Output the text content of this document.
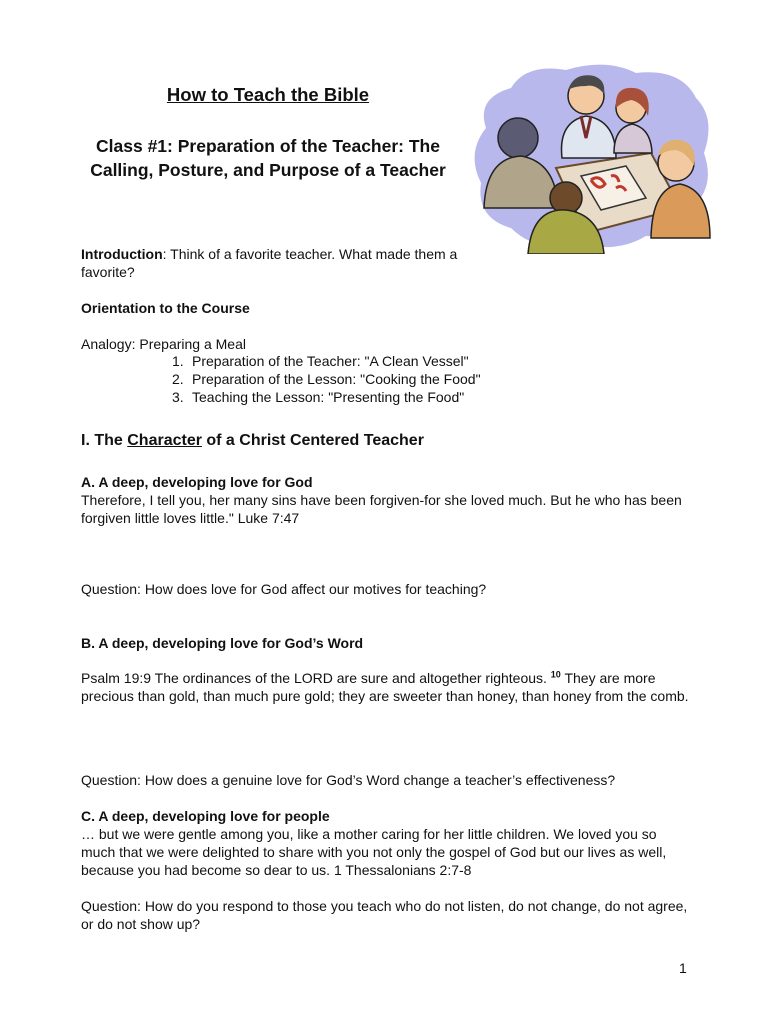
How to Teach the Bible
Class #1: Preparation of the Teacher: The Calling, Posture, and Purpose of a Teacher
Introduction: Think of a favorite teacher. What made them a favorite?
Orientation to the Course
Analogy: Preparing a Meal
1. Preparation of the Teacher: "A Clean Vessel"
2. Preparation of the Lesson: "Cooking the Food"
3. Teaching the Lesson: "Presenting the Food"
I. The Character of a Christ Centered Teacher
A. A deep, developing love for God
Therefore, I tell you, her many sins have been forgiven-for she loved much. But he who has been forgiven little loves little." Luke 7:47
Question: How does love for God affect our motives for teaching?
B. A deep, developing love for God’s Word
Psalm 19:9 The ordinances of the LORD are sure and altogether righteous. $^{10}$ They are more precious than gold, than much pure gold; they are sweeter than honey, than honey from the comb.
Question: How does a genuine love for God’s Word change a teacher’s effectiveness?
C. A deep, developing love for people
… but we were gentle among you, like a mother caring for her little children. We loved you so much that we were delighted to share with you not only the gospel of God but our lives as well, because you had become so dear to us. 1 Thessalonians 2:7-8
Question: How do you respond to those you teach who do not listen, do not change, do not agree, or do not show up?
1
